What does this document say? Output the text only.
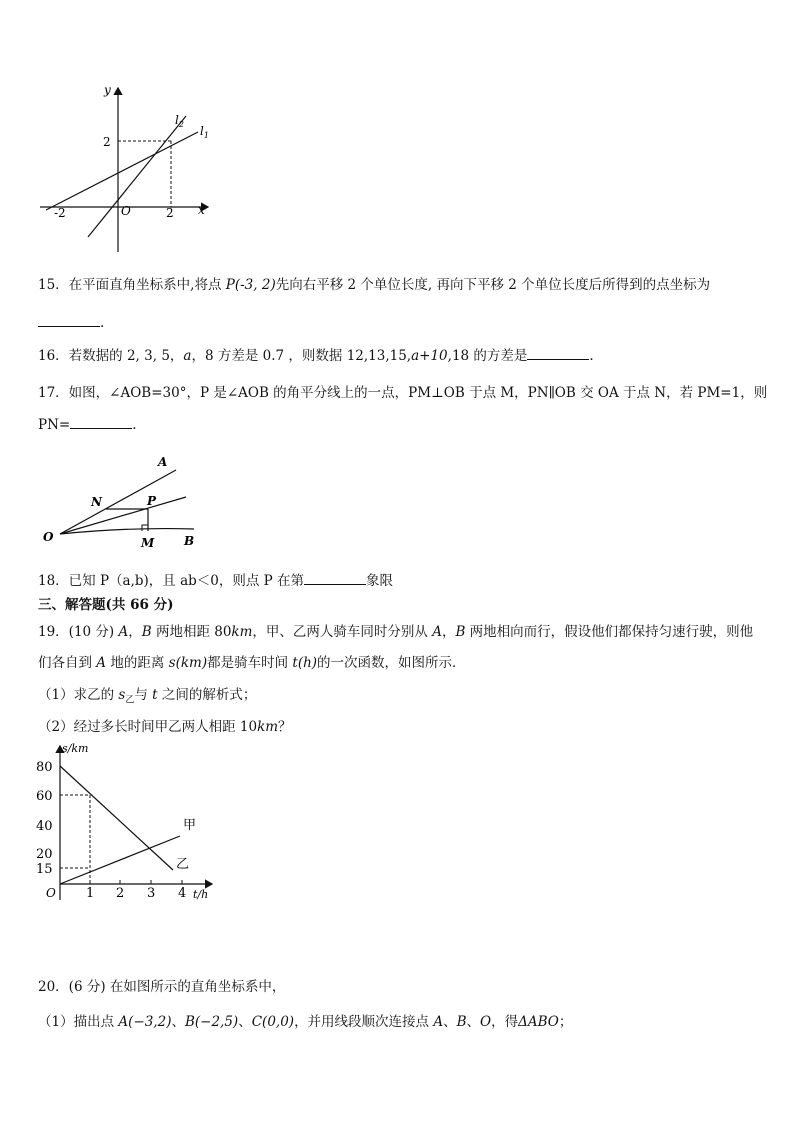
y
x
O
2
2
-2
$l_2$ $l_1$
15．在平面直角坐标系中,将点 P(-3, 2)先向右平移 2 个单位长度, 再向下平移 2 个单位长度后所得到的点坐标为
.
16．若数据的 2, 3, 5，a，8 方差是 0.7 ，则数据 12,13,15,a+10,18 的方差是	.
17．如图，∠AOB=30°，P 是∠AOB 的角平分线上的一点，PM⊥OB 于点 M，PN∥OB 交 OA 于点 N，若 PM=1，则
PN=	.
A
N	P
O	M B
18．已知 P（a,b)，且 ab＜0，则点 P 在第	象限
三、解答题(共 66 分)
19．(10 分) A，B 两地相距 80km，甲、乙两人骑车同时分别从 A，B 两地相向而行，假设他们都保持匀速行驶，则他
们各自到 A 地的距离 s(km)都是骑车时间 t(h)的一次函数，如图所示．
（1）求乙的 $s_乙$与 t 之间的解析式；
（2）经过多长时间甲乙两人相距 10km？
s/km
t/h
O
80
60
40
20
15
1 2 3 4
甲
乙
20．(6 分) 在如图所示的直角坐标系中，
（1）描出点 A(−3,2)、B(−2,5)、C(0,0)，并用线段顺次连接点 A、B、O，得ΔABO；
